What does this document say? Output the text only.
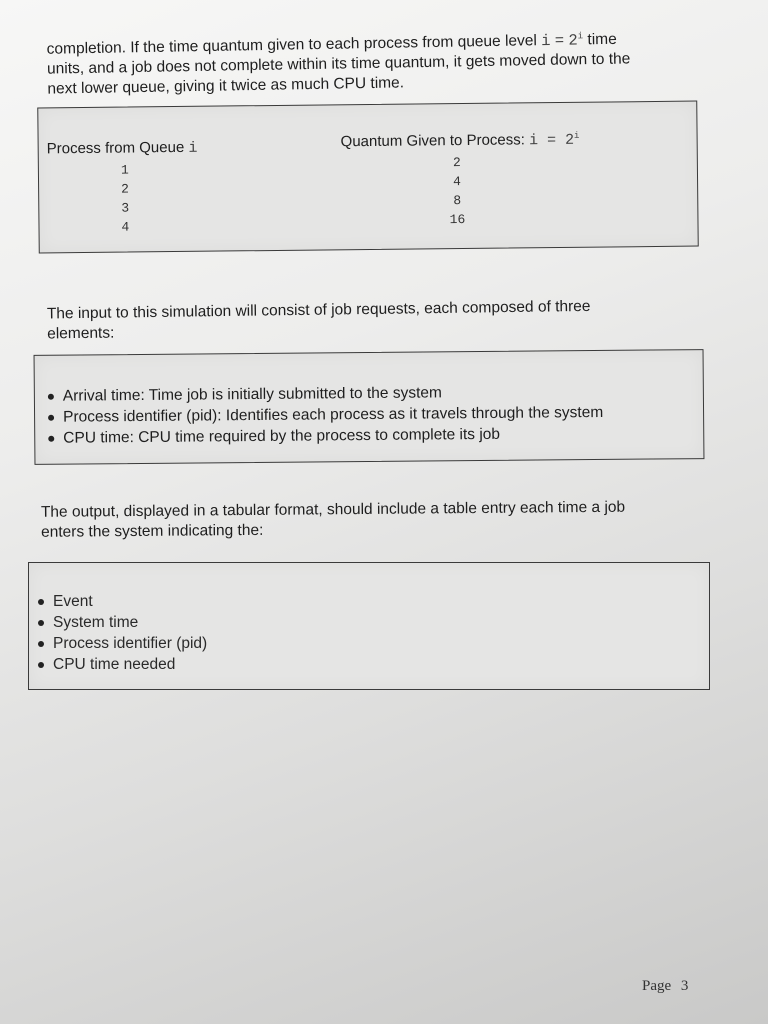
completion. If the time quantum given to each process from queue level $i = 2^i$ time
units, and a job does not complete within its time quantum, it gets moved down to the
next lower queue, giving it twice as much CPU time.
Process from Queue i
1
2
3
4
Quantum Given to Process: $i = 2^i$
2
4
8
16
The input to this simulation will consist of job requests, each composed of three
elements:
Arrival time: Time job is initially submitted to the system
Process identifier (pid): Identifies each process as it travels through the system
CPU time: CPU time required by the process to complete its job
The output, displayed in a tabular format, should include a table entry each time a job
enters the system indicating the:
Event
System time
Process identifier (pid)
CPU time needed
Page 3
